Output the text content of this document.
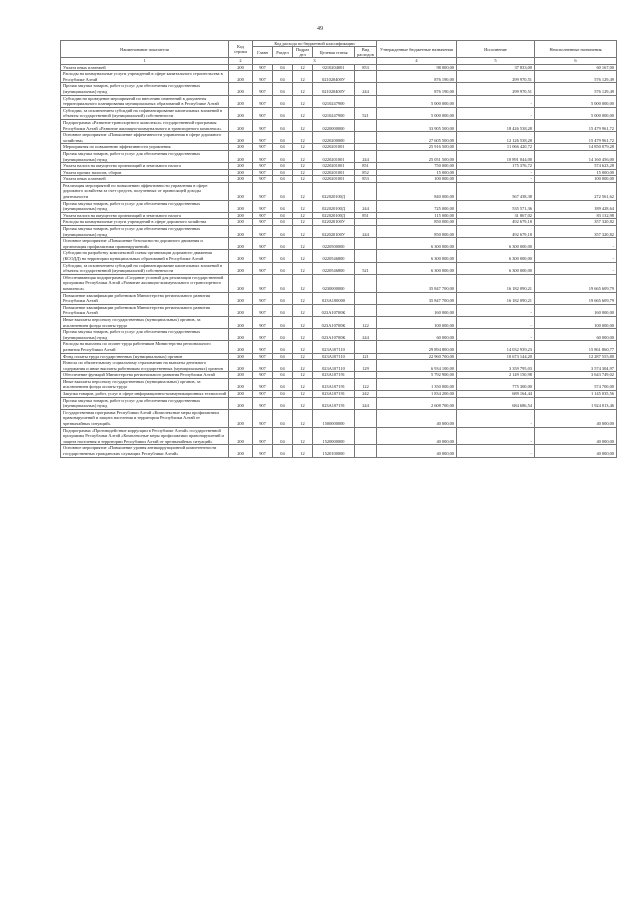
49
Наименование показателя	Код строки	Код расхода по бюджетной классификации					Утвержденные бюджетные назначения	Исполнение	Неисполненные назначения
		Главн	Раздел	Подраз дел	Целевая статья	Вид расходов			
1	2	3					4	5	6
Уплата иных платежей	200	907	04	12	0210204001	853	98 000,00	37 833,00	60 167,00
Расходы на коммунальные услуги учреждений в сфере капитального строительства в Республике Алтай	200	907	04	12	021020400У		876 190,00	299 970,51	576 129,49
Прочая закупка товаров, работ и услуг для обеспечения государственных (муниципальных) нужд	200	907	04	12	021020400У	244	876 190,00	299 970,51	576 129,49
Субсидии на проведение мероприятий по внесению изменений в документы территориального планирования муниципальных образований в Республике Алтай	200	907	04	12	0210247900		5 000 000,00	-	5 000 000,00
Субсидии, за исключением субсидий на софинансирование капитальных вложений в объекты государственной (муниципальной) собственности	200	907	04	12	0210247900	521	5 000 000,00	-	5 000 000,00
Подпрограмма «Развитие транспортного комплекса» государственной программы Республики Алтай «Развитие жилищно-коммунального и транспортного комплекса»	200	907	04	12	0220000000		33 905 500,00	18 426 538,28	15 479 961,72
Основное мероприятие «Повышение эффективности управления в сфере дорожного хозяйства»	200	907	04	12	0220200000		27 605 500,00	12 126 538,28	15 479 961,72
Мероприятия по повышению эффективности управления	200	907	04	12	0220201001		25 916 500,00	11 066 420,72	14 850 079,28
Прочая закупка товаров, работ и услуг для обеспечения государственных (муниципальных) нужд	200	907	04	12	0220201001	244	25 051 500,00	10 891 044,00	14 160 456,00
Уплата налога на имущество организаций и земельного налога	200	907	04	12	0220201001	851	750 000,00	175 376,72	574 623,28
Уплата прочих налогов, сборов	200	907	04	12	0220201001	852	15 000,00	-	15 000,00
Уплата иных платежей	200	907	04	12	0220201001	853	100 000,00	-	100 000,00
Реализация мероприятий по повышению эффективности управления в сфере дорожного хозяйства за счет средств, полученных от приносящей доходы деятельности	200	907	04	12	022020100Д		840 000,00	567 438,38	272 561,62
Прочая закупка товаров, работ и услуг для обеспечения государственных (муниципальных) нужд	200	907	04	12	022020100Д	244	725 000,00	535 571,36	189 428,64
Уплата налога на имущество организаций и земельного налога	200	907	04	12	022020100Д	851	115 000,00	31 867,02	83 132,98
Расходы на коммунальные услуги учреждений в сфере дорожного хозяйства	200	907	04	12	022020100У		850 000,00	492 679,18	357 320,82
Прочая закупка товаров, работ и услуг для обеспечения государственных (муниципальных) нужд	200	907	04	12	022020100У	244	850 000,00	492 679,18	357 320,82
Основное мероприятие «Повышение безопасности дорожного движения и организация профилактики правонарушений»	200	907	04	12	0220500000		6 300 000,00	6 300 000,00	-
Субсидии на разработку комплексной схемы организации дорожного движения (КСОДД) на территории муниципальных образований в Республике Алтай	200	907	04	12	0220546800		6 300 000,00	6 300 000,00	-
Субсидии, за исключением субсидий на софинансирование капитальных вложений в объекты государственной (муниципальной) собственности	200	907	04	12	0220546800	521	6 300 000,00	6 300 000,00	-
Обеспечивающая подпрограмма «Создание условий для реализации государственной программы Республики Алтай «Развитие жилищно-коммунального и транспортного комплекса»	200	907	04	12	0230000000		35 847 700,00	16 182 090,21	19 665 609,79
Повышение квалификации работников Министерства регионального развития Республики Алтай	200	907	04	12	023А100000		35 847 700,00	16 182 090,21	19 665 609,79
Повышение квалификации работников Министерства регионального развития Республики Алтай	200	907	04	12	023А10700К		160 000,00	-	160 000,00
Иные выплаты персоналу государственных (муниципальных) органов, за исключением фонда оплаты труда	200	907	04	12	023А10700К	122	100 000,00	-	100 000,00
Прочая закупка товаров, работ и услуг для обеспечения государственных (муниципальных) нужд	200	907	04	12	023А10700К	244	60 000,00	-	60 000,00
Расходы на выплаты по оплате труда работников Министерства регионального развития Республики Алтай	200	907	04	12	023А107110		29 894 800,00	14 032 939,23	15 861 860,77
Фонд оплаты труда государственных (муниципальных) органов	200	907	04	12	023А107110	121	22 960 700,00	10 673 144,20	12 287 555,80
Взносы по обязательному социальному страхованию на выплаты денежного содержания и иные выплаты работникам государственных (муниципальных) органов	200	907	04	12	023А107110	129	6 934 100,00	3 359 795,03	3 574 304,97
Обеспечение функций Министерства регионального развития Республики Алтай	200	907	04	12	023А107191		5 792 900,00	2 149 150,98	3 643 749,02
Иные выплаты персоналу государственных (муниципальных) органов, за исключением фонда оплаты труда	200	907	04	12	023А107191	122	1 350 000,00	775 300,00	574 700,00
Закупка товаров, работ, услуг в сфере информационно-коммуникационных технологий	200	907	04	12	023А107191	242	1 834 200,00	689 164,44	1 145 035,56
Прочая закупка товаров, работ и услуг для обеспечения государственных (муниципальных) нужд	200	907	04	12	023А107191	244	2 608 700,00	684 686,54	1 924 013,46
Государственная программа Республики Алтай «Комплексные меры профилактики правонарушений и защита населения и территории Республики Алтай от чрезвычайных ситуаций»	200	907	04	12	1500000000		40 000,00	-	40 000,00
Подпрограмма «Противодействие коррупции в Республике Алтай» государственной программы Республики Алтай «Комплексные меры профилактики правонарушений и защита населения и территории Республики Алтай от чрезвычайных ситуаций»	200	907	04	12	1520000000		40 000,00	-	40 000,00
Основное мероприятие «Повышение уровня антикоррупционной компетентности государственных гражданских служащих Республики Алтай»	200	907	04	12	1520100000		40 000,00	-	40 000,00
